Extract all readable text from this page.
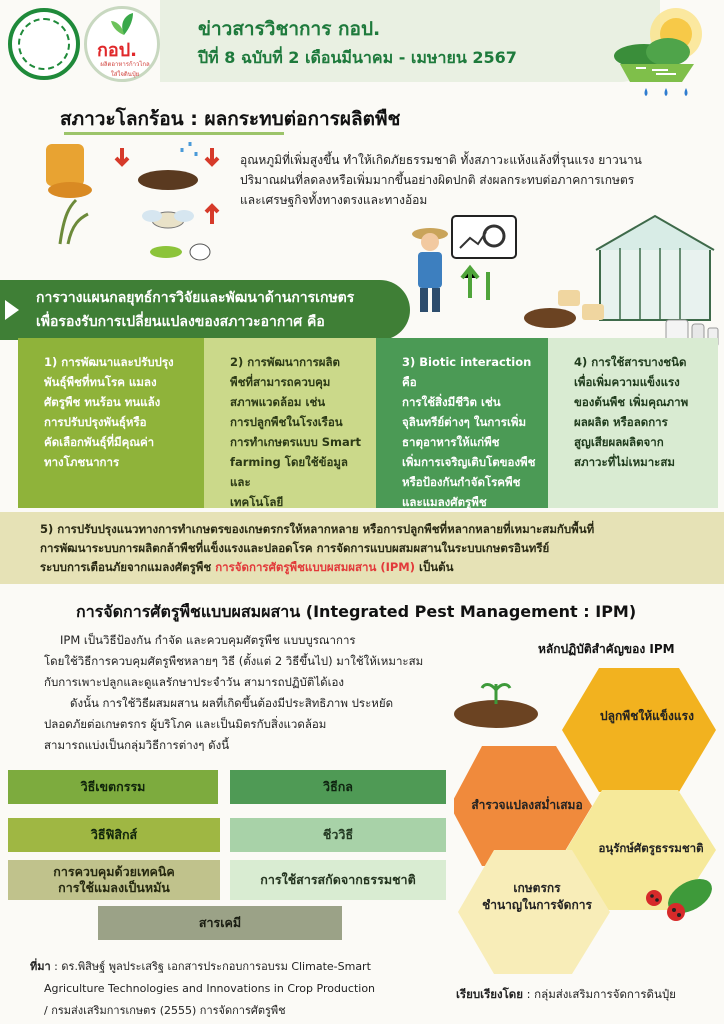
กอป.
ผลิตอาหารก้าวไกล ใส่ใจดินปุ๋ย
ข่าวสารวิชาการ กอป.
ปีที่ 8 ฉบับที่ 2 เดือนมีนาคม - เมษายน 2567
สภาวะโลกร้อน : ผลกระทบต่อการผลิตพืช
อุณหภูมิที่เพิ่มสูงขึ้น ทำให้เกิดภัยธรรมชาติ ทั้งสภาวะแห้งแล้งที่รุนแรง ยาวนาน
ปริมาณฝนที่ลดลงหรือเพิ่มมากขึ้นอย่างผิดปกติ ส่งผลกระทบต่อภาคการเกษตร
และเศรษฐกิจทั้งทางตรงและทางอ้อม
การวางแผนกลยุทธ์การวิจัยและพัฒนาด้านการเกษตร
เพื่อรองรับการเปลี่ยนแปลงของสภาวะอากาศ คือ
1) การพัฒนาและปรับปรุง
พันธุ์พืชที่ทนโรค แมลง
ศัตรูพืช ทนร้อน ทนแล้ง
การปรับปรุงพันธุ์หรือ
คัดเลือกพันธุ์ที่มีคุณค่า
ทางโภชนาการ
2) การพัฒนาการผลิต
พืชที่สามารถควบคุม
สภาพแวดล้อม เช่น
การปลูกพืชในโรงเรือน
การทำเกษตรแบบ Smart
farming โดยใช้ข้อมูลและ
เทคโนโลยี
3) Biotic interaction คือ
การใช้สิ่งมีชีวิต เช่น
จุลินทรีย์ต่างๆ ในการเพิ่ม
ธาตุอาหารให้แก่พืช
เพิ่มการเจริญเติบโตของพืช
หรือป้องกันกำจัดโรคพืช
และแมลงศัตรูพืช
4) การใช้สารบางชนิด
เพื่อเพิ่มความแข็งแรง
ของต้นพืช เพิ่มคุณภาพ
ผลผลิต หรือลดการ
สูญเสียผลผลิตจาก
สภาวะที่ไม่เหมาะสม
5) การปรับปรุงแนวทางการทำเกษตรของเกษตรกรให้หลากหลาย หรือการปลูกพืชที่หลากหลายที่เหมาะสมกับพื้นที่
การพัฒนาระบบการผลิตกล้าพืชที่แข็งแรงและปลอดโรค การจัดการแบบผสมผสานในระบบเกษตรอินทรีย์
ระบบการเตือนภัยจากแมลงศัตรูพืช การจัดการศัตรูพืชแบบผสมผสาน (IPM) เป็นต้น
การจัดการศัตรูพืชแบบผสมผสาน (Integrated Pest Management : IPM)
IPM เป็นวิธีป้องกัน กำจัด และควบคุมศัตรูพืช แบบบูรณาการ
โดยใช้วิธีการควบคุมศัตรูพืชหลายๆ วิธี (ตั้งแต่ 2 วิธีขึ้นไป) มาใช้ให้เหมาะสม
กับการเพาะปลูกและดูแลรักษาประจำวัน สามารถปฏิบัติได้เอง
ดังนั้น การใช้วิธีผสมผสาน ผลที่เกิดขึ้นต้องมีประสิทธิภาพ ประหยัด
ปลอดภัยต่อเกษตรกร ผู้บริโภค และเป็นมิตรกับสิ่งแวดล้อม
สามารถแบ่งเป็นกลุ่มวิธีการต่างๆ ดังนี้
วิธีเขตกรรม	วิธีกล
วิธีฟิสิกส์	ชีววิธี
การควบคุมด้วยเทคนิค
การใช้แมลงเป็นหมัน
การใช้สารสกัดจากธรรมชาติ
สารเคมี
ที่มา : ดร.พิสิษฐ์ พูลประเสริฐ เอกสารประกอบการอบรม Climate-Smart
Agriculture Technologies and Innovations in Crop Production
/ กรมส่งเสริมการเกษตร (2555) การจัดการศัตรูพืช
หลักปฏิบัติสำคัญของ IPM
ปลูกพืชให้แข็งแรง
สำรวจแปลงสม่ำเสมอ
อนุรักษ์ศัตรูธรรมชาติ
เกษตรกร
ชำนาญในการจัดการ
เรียบเรียงโดย : กลุ่มส่งเสริมการจัดการดินปุ๋ย
